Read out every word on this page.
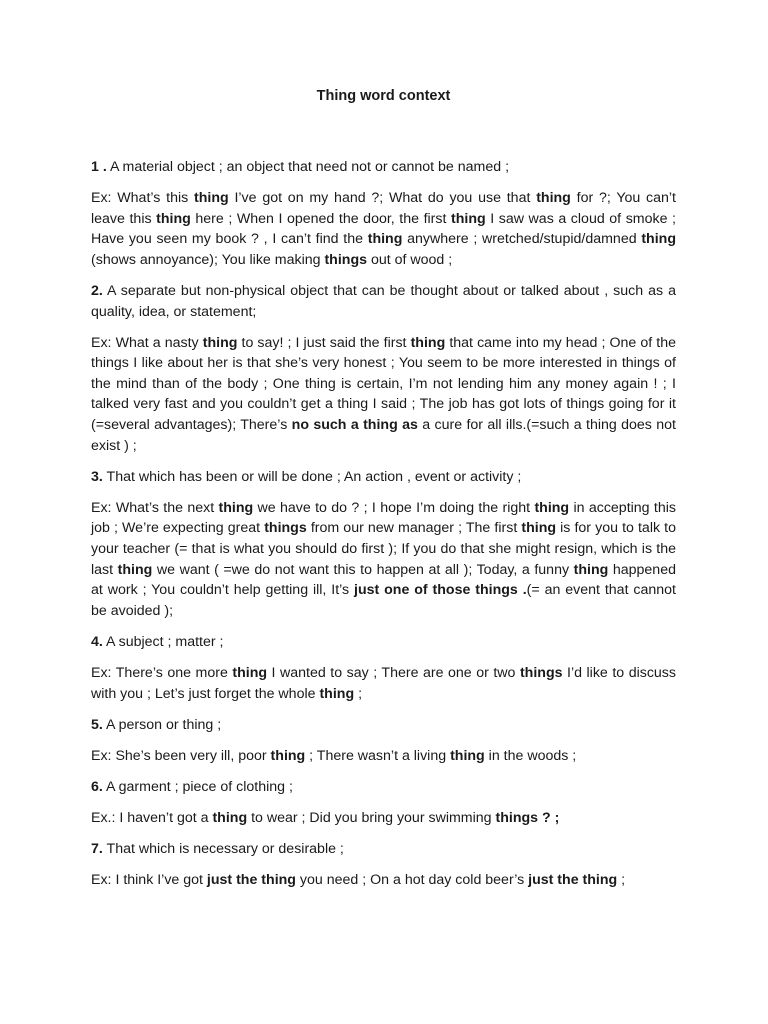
Thing word context

1 . A material object ; an object that need not or cannot be named ;

Ex: What’s this thing I’ve got on my hand ?; What do you use that thing for ?; You can’t leave this thing here ; When I opened the door, the first thing I saw was a cloud of smoke ; Have you seen my book ? , I can’t find the thing anywhere ; wretched/stupid/damned thing (shows annoyance); You like making things out of wood ;

2. A separate but non-physical object that can be thought about or talked about , such as a quality, idea, or statement;

Ex: What a nasty thing to say! ; I just said the first thing that came into my head ; One of the things I like about her is that she’s very honest ; You seem to be more interested in things of the mind than of the body ; One thing is certain, I’m not lending him any money again ! ; I talked very fast and you couldn’t get a thing I said ; The job has got lots of things going for it (=several advantages); There’s no such a thing as a cure for all ills.(=such a thing does not exist ) ;

3. That which has been or will be done ; An action , event or activity ;

Ex: What’s the next thing we have to do ? ; I hope I’m doing the right thing in accepting this job ; We’re expecting great things from our new manager ; The first thing is for you to talk to your teacher (= that is what you should do first ); If you do that she might resign, which is the last thing we want ( =we do not want this to happen at all ); Today, a funny thing happened at work ; You couldn’t help getting ill, It’s just one of those things .(= an event that cannot be avoided );

4. A subject ; matter ;

Ex: There’s one more thing I wanted to say ; There are one or two things I’d like to discuss with you ; Let’s just forget the whole thing ;

5. A person or thing ;

Ex: She’s been very ill, poor thing ; There wasn’t a living thing in the woods ;

6. A garment ; piece of clothing ;

Ex.: I haven’t got a thing to wear ; Did you bring your swimming things ? ;

7. That which is necessary or desirable ;

Ex: I think I’ve got just the thing you need ; On a hot day cold beer’s just the thing ;
